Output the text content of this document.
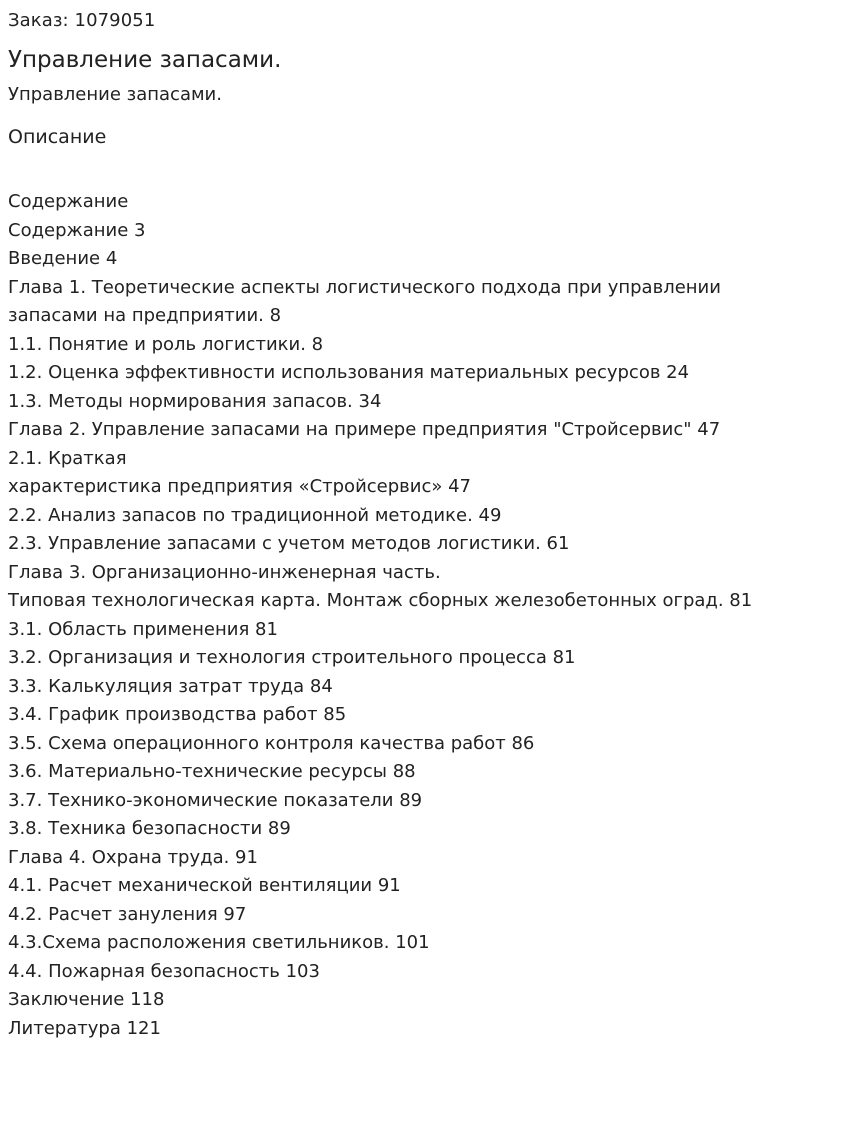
Заказ: 1079051

Управление запасами.

Управление запасами.

Описание

Содержание
Содержание 3
Введение 4
Глава 1. Теоретические аспекты логистического подхода при управлении
запасами на предприятии. 8
1.1. Понятие и роль логистики. 8
1.2. Оценка эффективности использования материальных ресурсов 24
1.3. Методы нормирования запасов. 34
Глава 2. Управление запасами на примере предприятия "Стройсервис" 47
2.1. Краткая
характеристика предприятия «Стройсервис» 47
2.2. Анализ запасов по традиционной методике. 49
2.3. Управление запасами с учетом методов логистики. 61
Глава 3. Организационно-инженерная часть.
Типовая технологическая карта. Монтаж сборных железобетонных оград. 81
3.1. Область применения 81
3.2. Организация и технология строительного процесса 81
3.3. Калькуляция затрат труда 84
3.4. График производства работ 85
3.5. Схема операционного контроля качества работ 86
3.6. Материально-технические ресурсы 88
3.7. Технико-экономические показатели 89
3.8. Техника безопасности 89
Глава 4. Охрана труда. 91
4.1. Расчет механической вентиляции 91
4.2. Расчет зануления 97
4.3.Схема расположения светильников. 101
4.4. Пожарная безопасность 103
Заключение 118
Литература 121
